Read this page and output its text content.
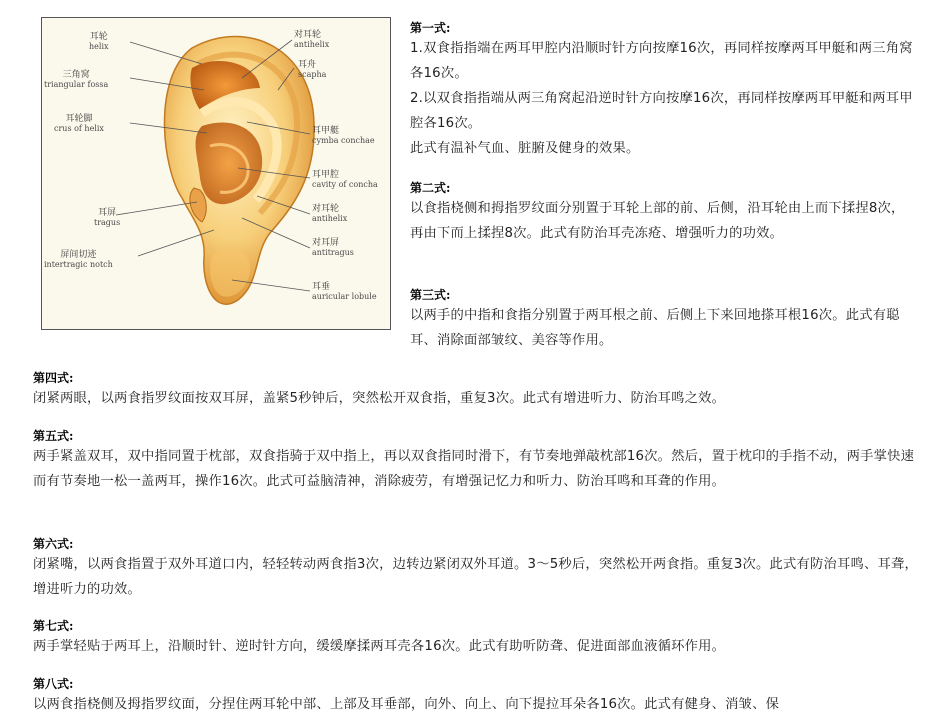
耳轮
helix
三角窝
triangular fossa
耳轮脚
crus of helix
耳屏
tragus
屏间切迹
intertragic notch
对耳轮
antihelix
耳舟
scapha
耳甲艇
cymba conchae
耳甲腔
cavity of concha
对耳轮
antihelix
对耳屏
antitragus
耳垂
auricular lobule
第一式:
1.双食指指端在两耳甲腔内沿顺时针方向按摩16次，再同样按摩两耳甲艇和两三角窝各16次。
2.以双食指指端从两三角窝起沿逆时针方向按摩16次，再同样按摩两耳甲艇和两耳甲腔各16次。
此式有温补气血、脏腑及健身的效果。
第二式:
以食指桡侧和拇指罗纹面分别置于耳轮上部的前、后侧，沿耳轮由上而下揉捏8次，再由下而上揉捏8次。此式有防治耳壳冻疮、增强听力的功效。
第三式:
以两手的中指和食指分别置于两耳根之前、后侧上下来回地搽耳根16次。此式有聪耳、消除面部皱纹、美容等作用。
第四式:
闭紧两眼，以两食指罗纹面按双耳屏，盖紧5秒钟后，突然松开双食指，重复3次。此式有增进听力、防治耳鸣之效。
第五式:
两手紧盖双耳，双中指同置于枕部，双食指骑于双中指上，再以双食指同时滑下，有节奏地弹敲枕部16次。然后，置于枕印的手指不动，两手掌快速而有节奏地一松一盖两耳，操作16次。此式可益脑清神，消除疲劳，有增强记忆力和听力、防治耳鸣和耳聋的作用。
第六式:
闭紧嘴，以两食指置于双外耳道口内，轻轻转动两食指3次，边转边紧闭双外耳道。3～5秒后，突然松开两食指。重复3次。此式有防治耳鸣、耳聋，增进听力的功效。
第七式:
两手掌轻贴于两耳上，沿顺时针、逆时针方向，缓缓摩揉两耳壳各16次。此式有助听防聋、促进面部血液循环作用。
第八式:
以两食指桡侧及拇指罗纹面，分捏住两耳轮中部、上部及耳垂部，向外、向上、向下提拉耳朵各16次。此式有健身、消皱、保
